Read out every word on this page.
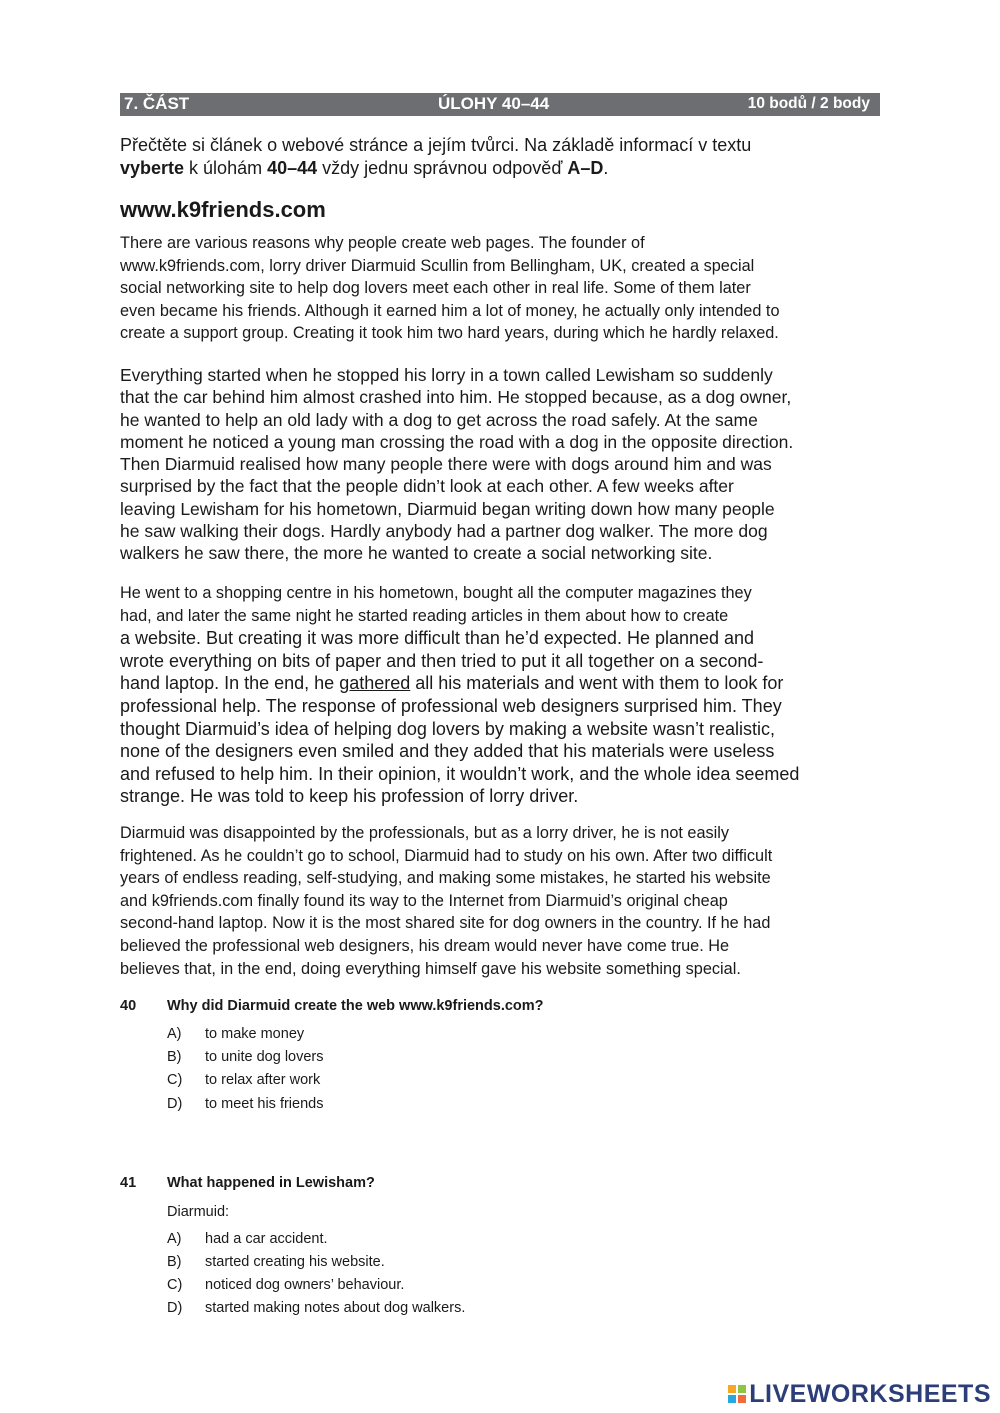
7. ČÁST	ÚLOHY 40–44	10 bodů / 2 body

Přečtěte si článek o webové stránce a jejím tvůrci. Na základě informací v textu
vyberte k úlohám 40–44 vždy jednu správnou odpověď A–D.

www.k9friends.com

There are various reasons why people create web pages. The founder of
www.k9friends.com, lorry driver Diarmuid Scullin from Bellingham, UK, created a special
social networking site to help dog lovers meet each other in real life. Some of them later
even became his friends. Although it earned him a lot of money, he actually only intended to
create a support group. Creating it took him two hard years, during which he hardly relaxed.

Everything started when he stopped his lorry in a town called Lewisham so suddenly
that the car behind him almost crashed into him. He stopped because, as a dog owner,
he wanted to help an old lady with a dog to get across the road safely. At the same
moment he noticed a young man crossing the road with a dog in the opposite direction.
Then Diarmuid realised how many people there were with dogs around him and was
surprised by the fact that the people didn’t look at each other. A few weeks after
leaving Lewisham for his hometown, Diarmuid began writing down how many people
he saw walking their dogs. Hardly anybody had a partner dog walker. The more dog
walkers he saw there, the more he wanted to create a social networking site.

He went to a shopping centre in his hometown, bought all the computer magazines they
had, and later the same night he started reading articles in them about how to create
a website. But creating it was more difficult than he’d expected. He planned and
wrote everything on bits of paper and then tried to put it all together on a second-
hand laptop. In the end, he gathered all his materials and went with them to look for
professional help. The response of professional web designers surprised him. They
thought Diarmuid’s idea of helping dog lovers by making a website wasn’t realistic,
none of the designers even smiled and they added that his materials were useless
and refused to help him. In their opinion, it wouldn’t work, and the whole idea seemed
strange. He was told to keep his profession of lorry driver.

Diarmuid was disappointed by the professionals, but as a lorry driver, he is not easily
frightened. As he couldn’t go to school, Diarmuid had to study on his own. After two difficult
years of endless reading, self-studying, and making some mistakes, he started his website
and k9friends.com finally found its way to the Internet from Diarmuid’s original cheap
second-hand laptop. Now it is the most shared site for dog owners in the country. If he had
believed the professional web designers, his dream would never have come true. He
believes that, in the end, doing everything himself gave his website something special.

40 Why did Diarmuid create the web www.k9friends.com?
A) to make money
B) to unite dog lovers
C) to relax after work
D) to meet his friends
41 What happened in Lewisham?
Diarmuid:
A) had a car accident.
B) started creating his website.
C) noticed dog owners’ behaviour.
D) started making notes about dog walkers.
LIVEWORKSHEETS
